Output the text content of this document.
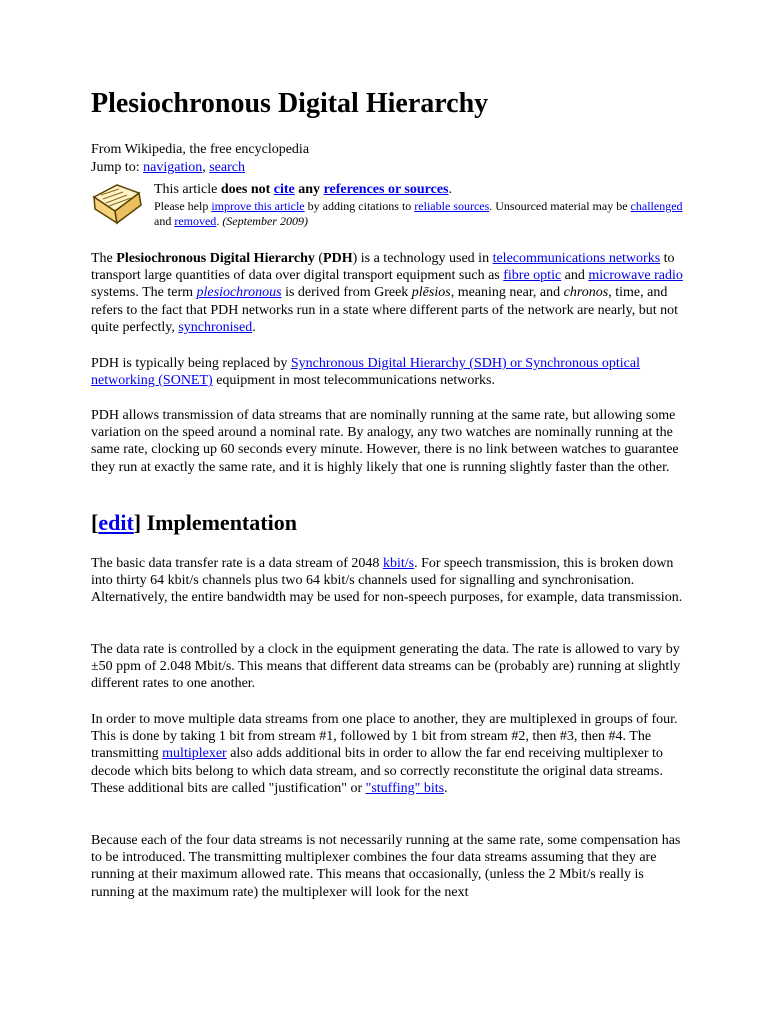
Plesiochronous Digital Hierarchy
From Wikipedia, the free encyclopedia
Jump to: navigation, search
This article does not cite any references or sources.
Please help improve this article by adding citations to reliable sources. Unsourced material may be challenged and removed. (September 2009)

The Plesiochronous Digital Hierarchy (PDH) is a technology used in telecommunications networks to transport large quantities of data over digital transport equipment such as fibre optic and microwave radio systems. The term plesiochronous is derived from Greek plēsios, meaning near, and chronos, time, and refers to the fact that PDH networks run in a state where different parts of the network are nearly, but not quite perfectly, synchronised.

PDH is typically being replaced by Synchronous Digital Hierarchy (SDH) or Synchronous optical networking (SONET) equipment in most telecommunications networks.

PDH allows transmission of data streams that are nominally running at the same rate, but allowing some variation on the speed around a nominal rate. By analogy, any two watches are nominally running at the same rate, clocking up 60 seconds every minute. However, there is no link between watches to guarantee they run at exactly the same rate, and it is highly likely that one is running slightly faster than the other.

[edit] Implementation

The basic data transfer rate is a data stream of 2048 kbit/s. For speech transmission, this is broken down into thirty 64 kbit/s channels plus two 64 kbit/s channels used for signalling and synchronisation. Alternatively, the entire bandwidth may be used for non-speech purposes, for example, data transmission.

The data rate is controlled by a clock in the equipment generating the data. The rate is allowed to vary by ±50 ppm of 2.048 Mbit/s. This means that different data streams can be (probably are) running at slightly different rates to one another.

In order to move multiple data streams from one place to another, they are multiplexed in groups of four. This is done by taking 1 bit from stream #1, followed by 1 bit from stream #2, then #3, then #4. The transmitting multiplexer also adds additional bits in order to allow the far end receiving multiplexer to decode which bits belong to which data stream, and so correctly reconstitute the original data streams. These additional bits are called "justification" or "stuffing" bits.

Because each of the four data streams is not necessarily running at the same rate, some compensation has to be introduced. The transmitting multiplexer combines the four data streams assuming that they are running at their maximum allowed rate. This means that occasionally, (unless the 2 Mbit/s really is running at the maximum rate) the multiplexer will look for the next
